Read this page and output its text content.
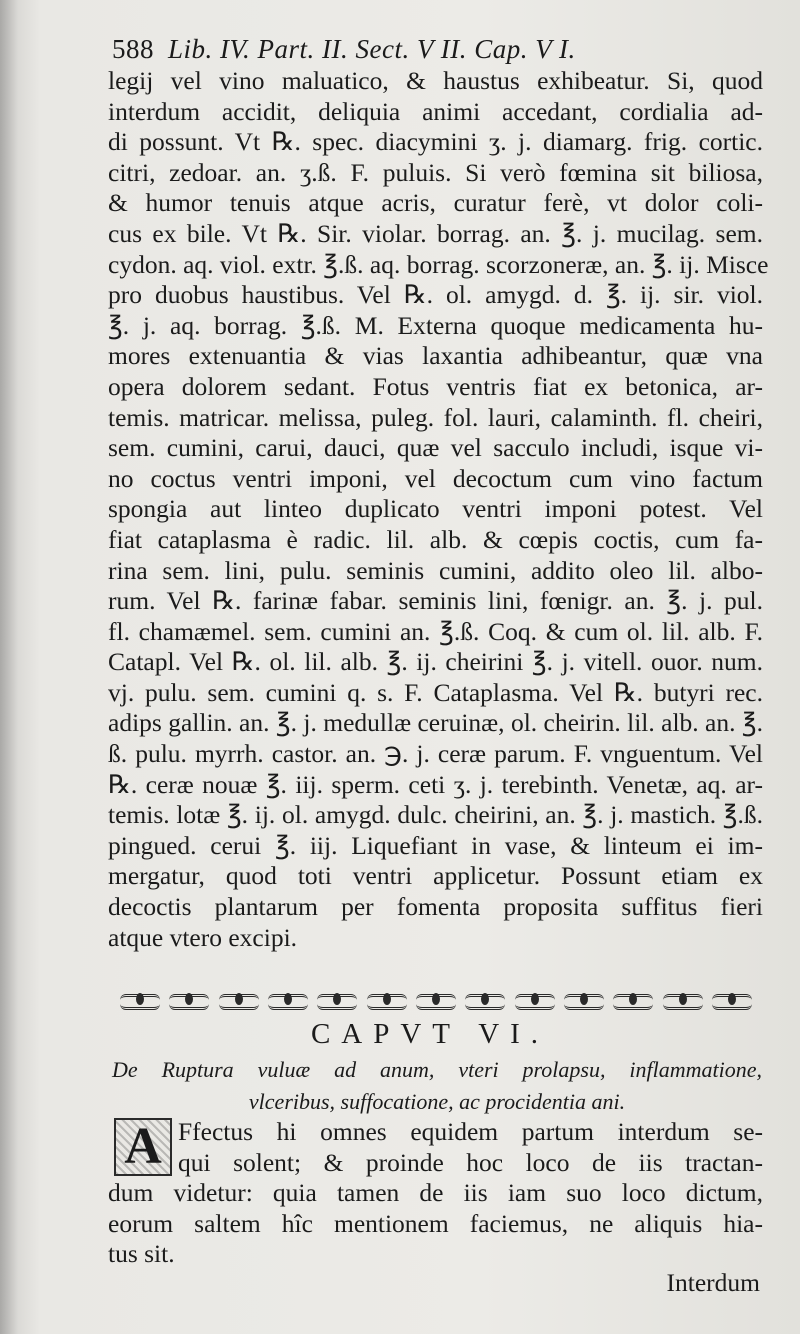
588 Lib. IV. Part. II. Sect. V II. Cap. V I.
legij vel vino maluatico, & haustus exhibeatur. Si, quod
interdum accidit, deliquia animi accedant, cordialia ad-
di possunt. Vt ℞. spec. diacymini ʒ. j. diamarg. frig. cortic.
citri, zedoar. an. ʒ.ß. F. puluis. Si verò fœmina sit biliosa,
& humor tenuis atque acris, curatur ferè, vt dolor coli-
cus ex bile. Vt ℞. Sir. violar. borrag. an. ℥. j. mucilag. sem.
cydon. aq. viol. extr. ℥.ß. aq. borrag. scorzoneræ, an. ℥. ij. Misce
pro duobus haustibus. Vel ℞. ol. amygd. d. ℥. ij. sir. viol.
℥. j. aq. borrag. ℥.ß. M. Externa quoque medicamenta hu-
mores extenuantia & vias laxantia adhibeantur, quæ vna
opera dolorem sedant. Fotus ventris fiat ex betonica, ar-
temis. matricar. melissa, puleg. fol. lauri, calaminth. fl. cheiri,
sem. cumini, carui, dauci, quæ vel sacculo includi, isque vi-
no coctus ventri imponi, vel decoctum cum vino factum
spongia aut linteo duplicato ventri imponi potest. Vel
fiat cataplasma è radic. lil. alb. & cœpis coctis, cum fa-
rina sem. lini, pulu. seminis cumini, addito oleo lil. albo-
rum. Vel ℞. farinæ fabar. seminis lini, fœnigr. an. ℥. j. pul.
fl. chamæmel. sem. cumini an. ℥.ß. Coq. & cum ol. lil. alb. F.
Catapl. Vel ℞. ol. lil. alb. ℥. ij. cheirini ℥. j. vitell. ouor. num.
vj. pulu. sem. cumini q. s. F. Cataplasma. Vel ℞. butyri rec.
adips gallin. an. ℥. j. medullæ ceruinæ, ol. cheirin. lil. alb. an. ℥.
ß. pulu. myrrh. castor. an. ℈. j. ceræ parum. F. vnguentum. Vel
℞. ceræ nouæ ℥. iij. sperm. ceti ʒ. j. terebinth. Venetæ, aq. ar-
temis. lotæ ℥. ij. ol. amygd. dulc. cheirini, an. ℥. j. mastich. ℥.ß.
pingued. cerui ℥. iij. Liquefiant in vase, & linteum ei im-
mergatur, quod toti ventri applicetur. Possunt etiam ex
decoctis plantarum per fomenta proposita suffitus fieri
atque vtero excipi.
CAPVT VI.
De Ruptura vuluæ ad anum, vteri prolapsu, inflammatione,
vlceribus, suffocatione, ac procidentia ani.
A Ffectus hi omnes equidem partum interdum se-
qui solent; & proinde hoc loco de iis tractan-
dum videtur: quia tamen de iis iam suo loco dictum,
eorum saltem hîc mentionem faciemus, ne aliquis hia-
tus sit.
Interdum
